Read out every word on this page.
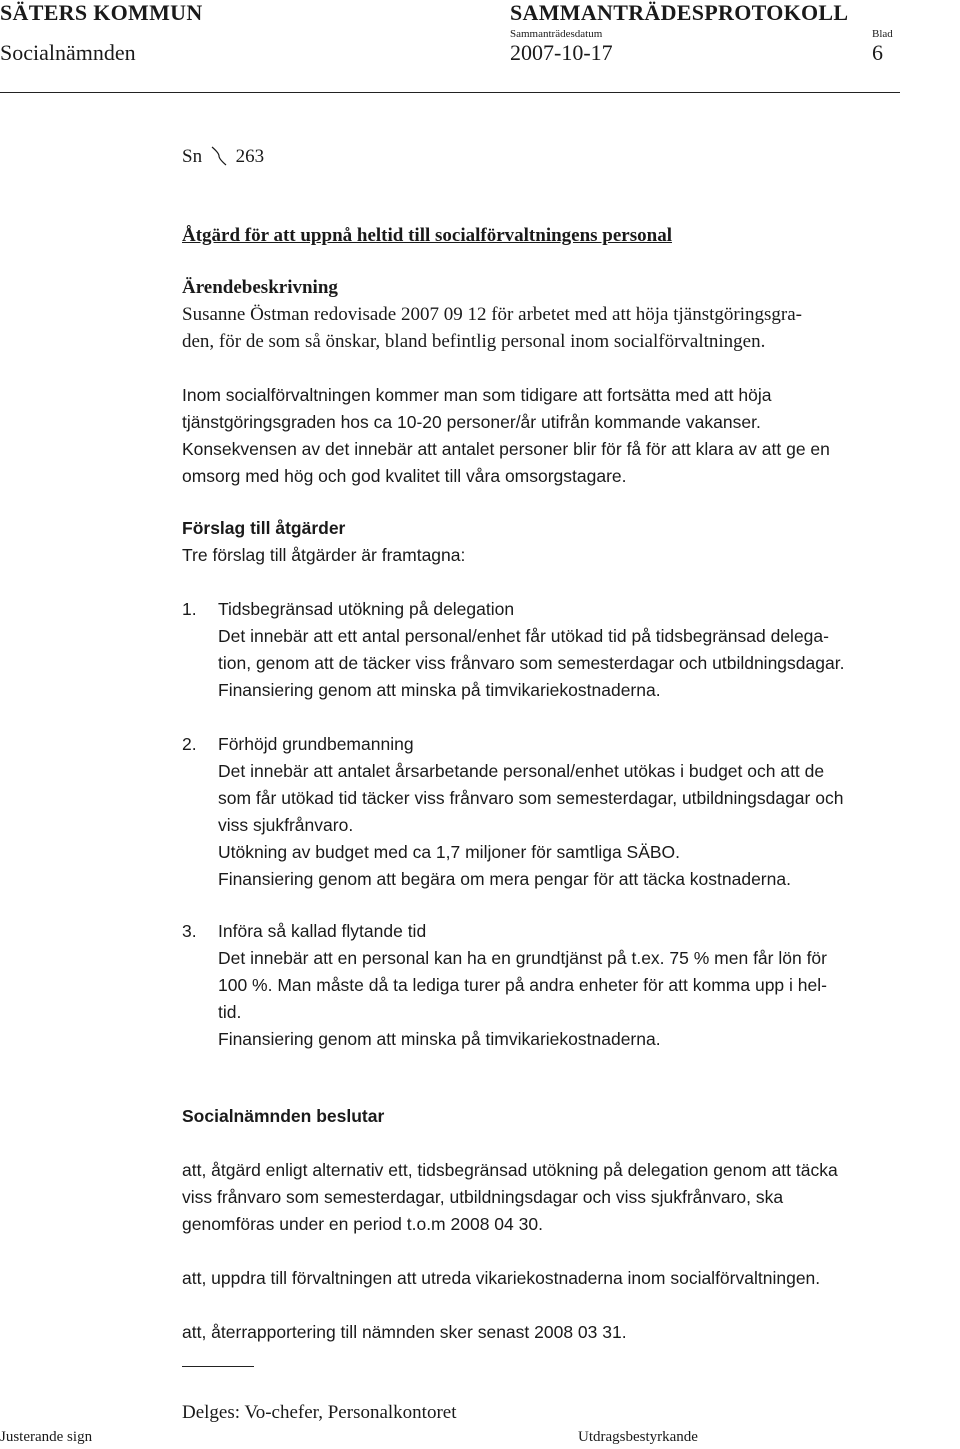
SÄTERS KOMMUN	SAMMANTRÄDESPROTOKOLL
Socialnämnden
Sammanträdesdatum
2007-10-17
Blad
6
Sn 263
Åtgärd för att uppnå heltid till socialförvaltningens personal
Ärendebeskrivning
Susanne Östman redovisade 2007 09 12 för arbetet med att höja tjänstgöringsgra-
den, för de som så önskar, bland befintlig personal inom socialförvaltningen.
Inom socialförvaltningen kommer man som tidigare att fortsätta med att höja
tjänstgöringsgraden hos ca 10-20 personer/år utifrån kommande vakanser.
Konsekvensen av det innebär att antalet personer blir för få för att klara av att ge en
omsorg med hög och god kvalitet till våra omsorgstagare.
Förslag till åtgärder
Tre förslag till åtgärder är framtagna:
1. Tidsbegränsad utökning på delegation
Det innebär att ett antal personal/enhet får utökad tid på tidsbegränsad delega-
tion, genom att de täcker viss frånvaro som semesterdagar och utbildningsdagar.
Finansiering genom att minska på timvikariekostnaderna.
2. Förhöjd grundbemanning
Det innebär att antalet årsarbetande personal/enhet utökas i budget och att de
som får utökad tid täcker viss frånvaro som semesterdagar, utbildningsdagar och
viss sjukfrånvaro.
Utökning av budget med ca 1,7 miljoner för samtliga SÄBO.
Finansiering genom att begära om mera pengar för att täcka kostnaderna.
3. Införa så kallad flytande tid
Det innebär att en personal kan ha en grundtjänst på t.ex. 75 % men får lön för
100 %. Man måste då ta lediga turer på andra enheter för att komma upp i hel-
tid.
Finansiering genom att minska på timvikariekostnaderna.
Socialnämnden beslutar
att, åtgärd enligt alternativ ett, tidsbegränsad utökning på delegation genom att täcka
viss frånvaro som semesterdagar, utbildningsdagar och viss sjukfrånvaro, ska
genomföras under en period t.o.m 2008 04 30.
att, uppdra till förvaltningen att utreda vikariekostnaderna inom socialförvaltningen.
att, återrapportering till nämnden sker senast 2008 03 31.
Delges: Vo-chefer, Personalkontoret
Justerande sign	Utdragsbestyrkande
